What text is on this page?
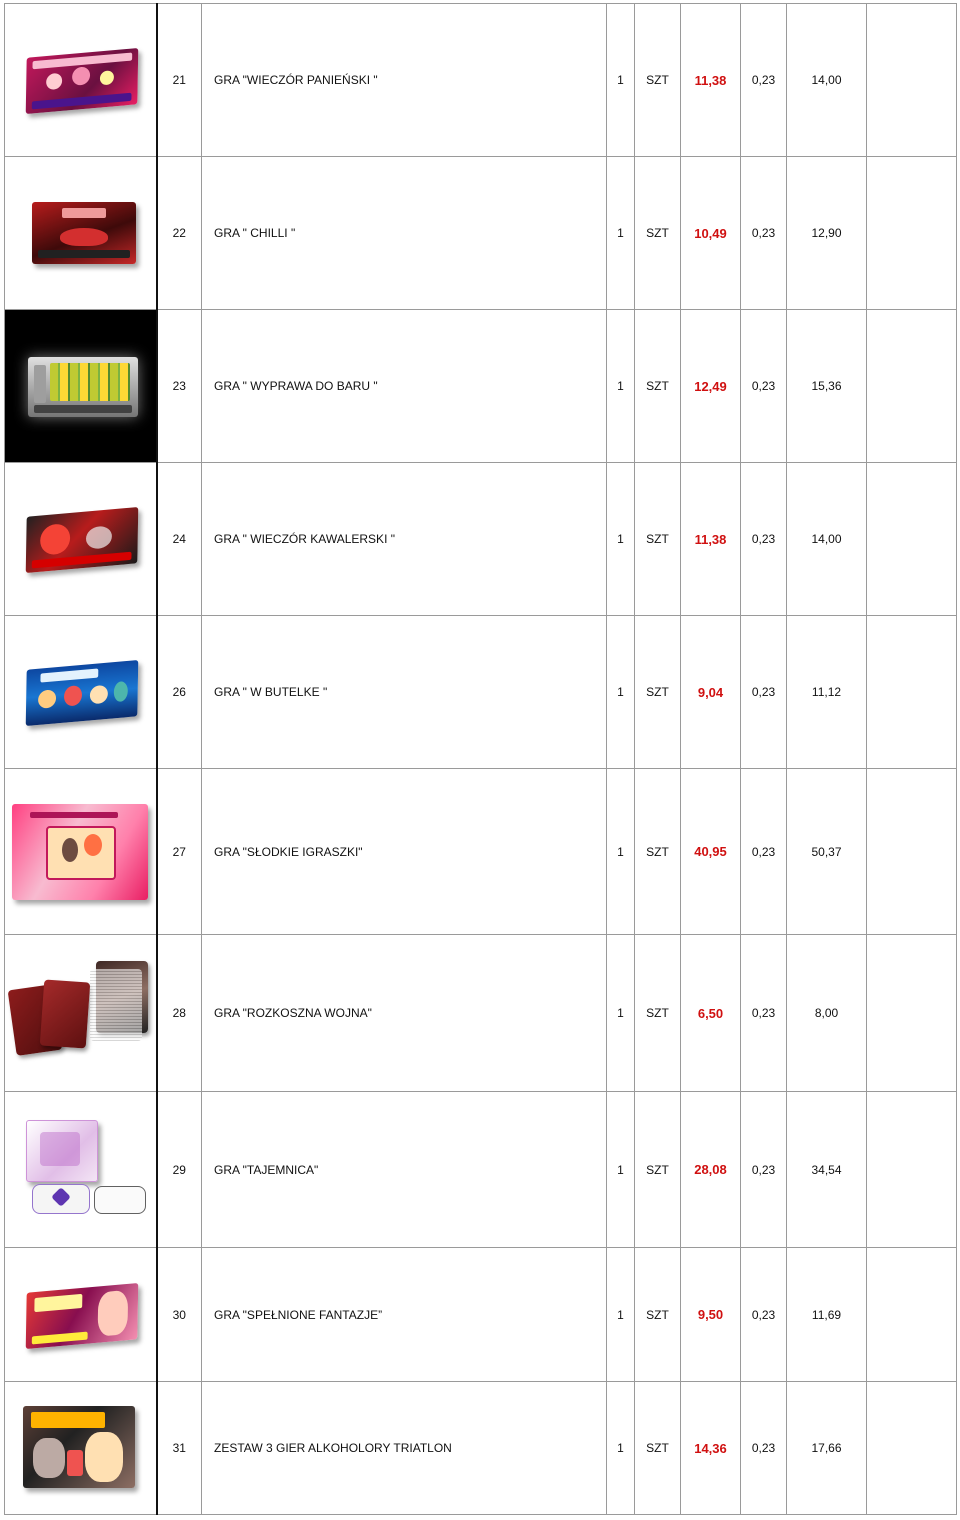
	21	GRA "WIECZÓR PANIEŃSKI "	1	SZT	11,38	0,23	14,00	

	22	GRA " CHILLI "	1	SZT	10,49	0,23	12,90	

	23	GRA " WYPRAWA DO BARU "	1	SZT	12,49	0,23	15,36	

	24	GRA " WIECZÓR KAWALERSKI "	1	SZT	11,38	0,23	14,00	

	26	GRA " W BUTELKE "	1	SZT	9,04	0,23	11,12	

	27	GRA "SŁODKIE IGRASZKI"	1	SZT	40,95	0,23	50,37	

	28	GRA "ROZKOSZNA WOJNA"	1	SZT	6,50	0,23	8,00	

	29	GRA "TAJEMNICA"	1	SZT	28,08	0,23	34,54	

	30	GRA "SPEŁNIONE FANTAZJE”	1	SZT	9,50	0,23	11,69	

	31	ZESTAW 3 GIER ALKOHOLORY TRIATLON	1	SZT	14,36	0,23	17,66	
